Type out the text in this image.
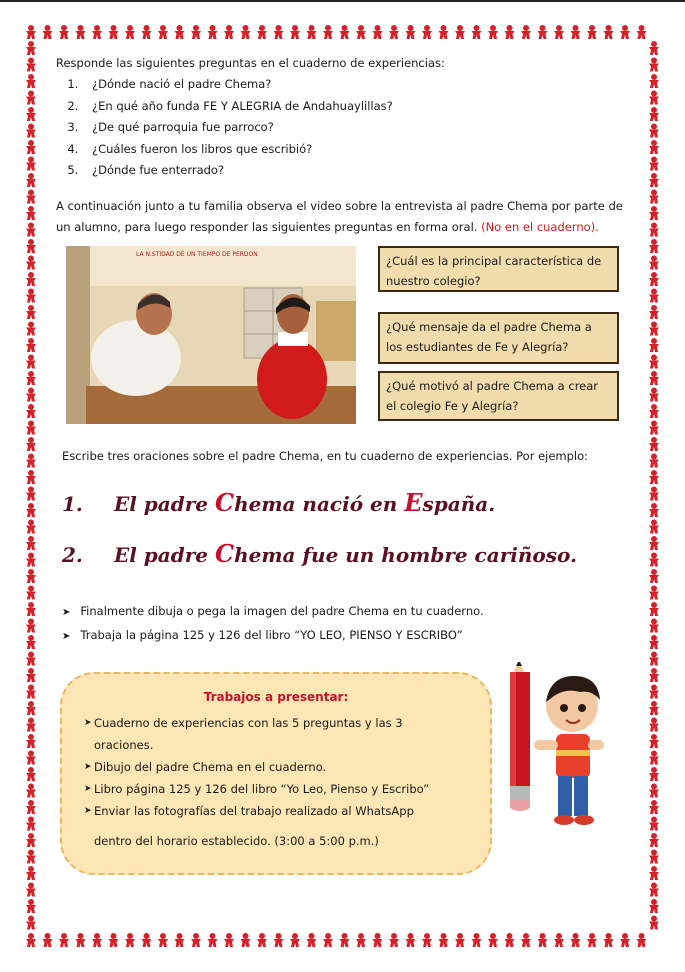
Responde las siguientes preguntas en el cuaderno de experiencias:
1. ¿Dónde nació el padre Chema?
2. ¿En qué año funda FE Y ALEGRIA de Andahuaylillas?
3. ¿De qué parroquia fue parroco?
4. ¿Cuáles fueron los libros que escribió?
5. ¿Dónde fue enterrado?
A continuación junto a tu familia observa el video sobre la entrevista al padre Chema por parte de un alumno, para luego responder las siguientes preguntas en forma oral. (No en el cuaderno).
LA N.STIDAD DE UN TIEMPO DE PERDON	¿Cuál es la principal característica de nuestro colegio?
¿Qué mensaje da el padre Chema a los estudiantes de Fe y Alegría?
¿Qué motivó al padre Chema a crear el colegio Fe y Alegría?
Escribe tres oraciones sobre el padre Chema, en tu cuaderno de experiencias. Por ejemplo:
1. El padre Chema nació en España.
2. El padre Chema fue un hombre cariñoso.
➤ Finalmente dibuja o pega la imagen del padre Chema en tu cuaderno.
➤ Trabaja la página 125 y 126 del libro “YO LEO, PIENSO Y ESCRIBO”
Trabajos a presentar:
➤ Cuaderno de experiencias con las 5 preguntas y las 3
oraciones.
➤ Dibujo del padre Chema en el cuaderno.
➤ Libro página 125 y 126 del libro “Yo Leo, Pienso y Escribo”
➤ Enviar las fotografías del trabajo realizado al WhatsApp
dentro del horario establecido. (3:00 a 5:00 p.m.)
